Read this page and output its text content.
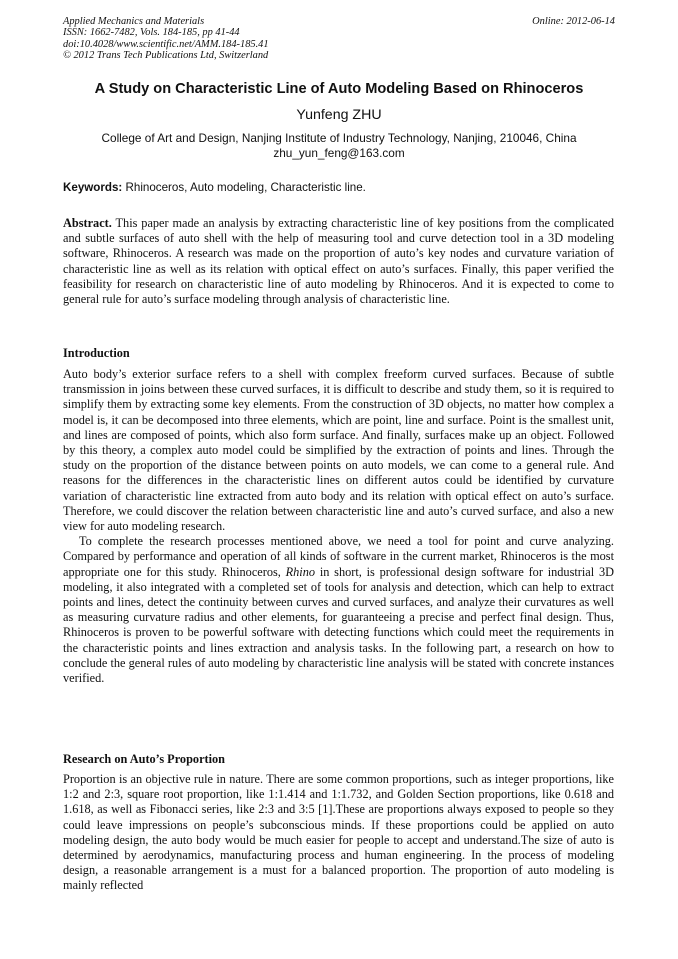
Applied Mechanics and Materials
ISSN: 1662-7482, Vols. 184-185, pp 41-44
doi:10.4028/www.scientific.net/AMM.184-185.41
© 2012 Trans Tech Publications Ltd, Switzerland
Online: 2012-06-14
A Study on Characteristic Line of Auto Modeling Based on Rhinoceros
Yunfeng ZHU
College of Art and Design, Nanjing Institute of Industry Technology, Nanjing, 210046, China
zhu_yun_feng@163.com
Keywords: Rhinoceros, Auto modeling, Characteristic line.

Abstract. This paper made an analysis by extracting characteristic line of key positions from the complicated and subtle surfaces of auto shell with the help of measuring tool and curve detection tool in a 3D modeling software, Rhinoceros. A research was made on the proportion of auto’s key nodes and curvature variation of characteristic line as well as its relation with optical effect on auto’s surfaces. Finally, this paper verified the feasibility for research on characteristic line of auto modeling by Rhinoceros. And it is expected to come to general rule for auto’s surface modeling through analysis of characteristic line.

Introduction

Auto body’s exterior surface refers to a shell with complex freeform curved surfaces. Because of subtle transmission in joins between these curved surfaces, it is difficult to describe and study them, so it is required to simplify them by extracting some key elements. From the construction of 3D objects, no matter how complex a model is, it can be decomposed into three elements, which are point, line and surface. Point is the smallest unit, and lines are composed of points, which also form surface. And finally, surfaces make up an object. Followed by this theory, a complex auto model could be simplified by the extraction of points and lines. Through the study on the proportion of the distance between points on auto models, we can come to a general rule. And reasons for the differences in the characteristic lines on different autos could be identified by curvature variation of characteristic line extracted from auto body and its relation with optical effect on auto’s surface. Therefore, we could discover the relation between characteristic line and auto’s curved surface, and also a new view for auto modeling research.

To complete the research processes mentioned above, we need a tool for point and curve analyzing. Compared by performance and operation of all kinds of software in the current market, Rhinoceros is the most appropriate one for this study. Rhinoceros, Rhino in short, is professional design software for industrial 3D modeling, it also integrated with a completed set of tools for analysis and detection, which can help to extract points and lines, detect the continuity between curves and curved surfaces, and analyze their curvatures as well as measuring curvature radius and other elements, for guaranteeing a precise and perfect final design. Thus, Rhinoceros is proven to be powerful software with detecting functions which could meet the requirements in the characteristic points and lines extraction and analysis tasks. In the following part, a research on how to conclude the general rules of auto modeling by characteristic line analysis will be stated with concrete instances verified.

Research on Auto’s Proportion

Proportion is an objective rule in nature. There are some common proportions, such as integer proportions, like 1:2 and 2:3, square root proportion, like 1:1.414 and 1:1.732, and Golden Section proportions, like 0.618 and 1.618, as well as Fibonacci series, like 2:3 and 3:5 [1].These are proportions always exposed to people so they could leave impressions on people’s subconscious minds. If these proportions could be applied on auto modeling design, the auto body would be much easier for people to accept and understand.The size of auto is determined by aerodynamics, manufacturing process and human engineering. In the process of modeling design, a reasonable arrangement is a must for a balanced proportion. The proportion of auto modeling is mainly reflected
